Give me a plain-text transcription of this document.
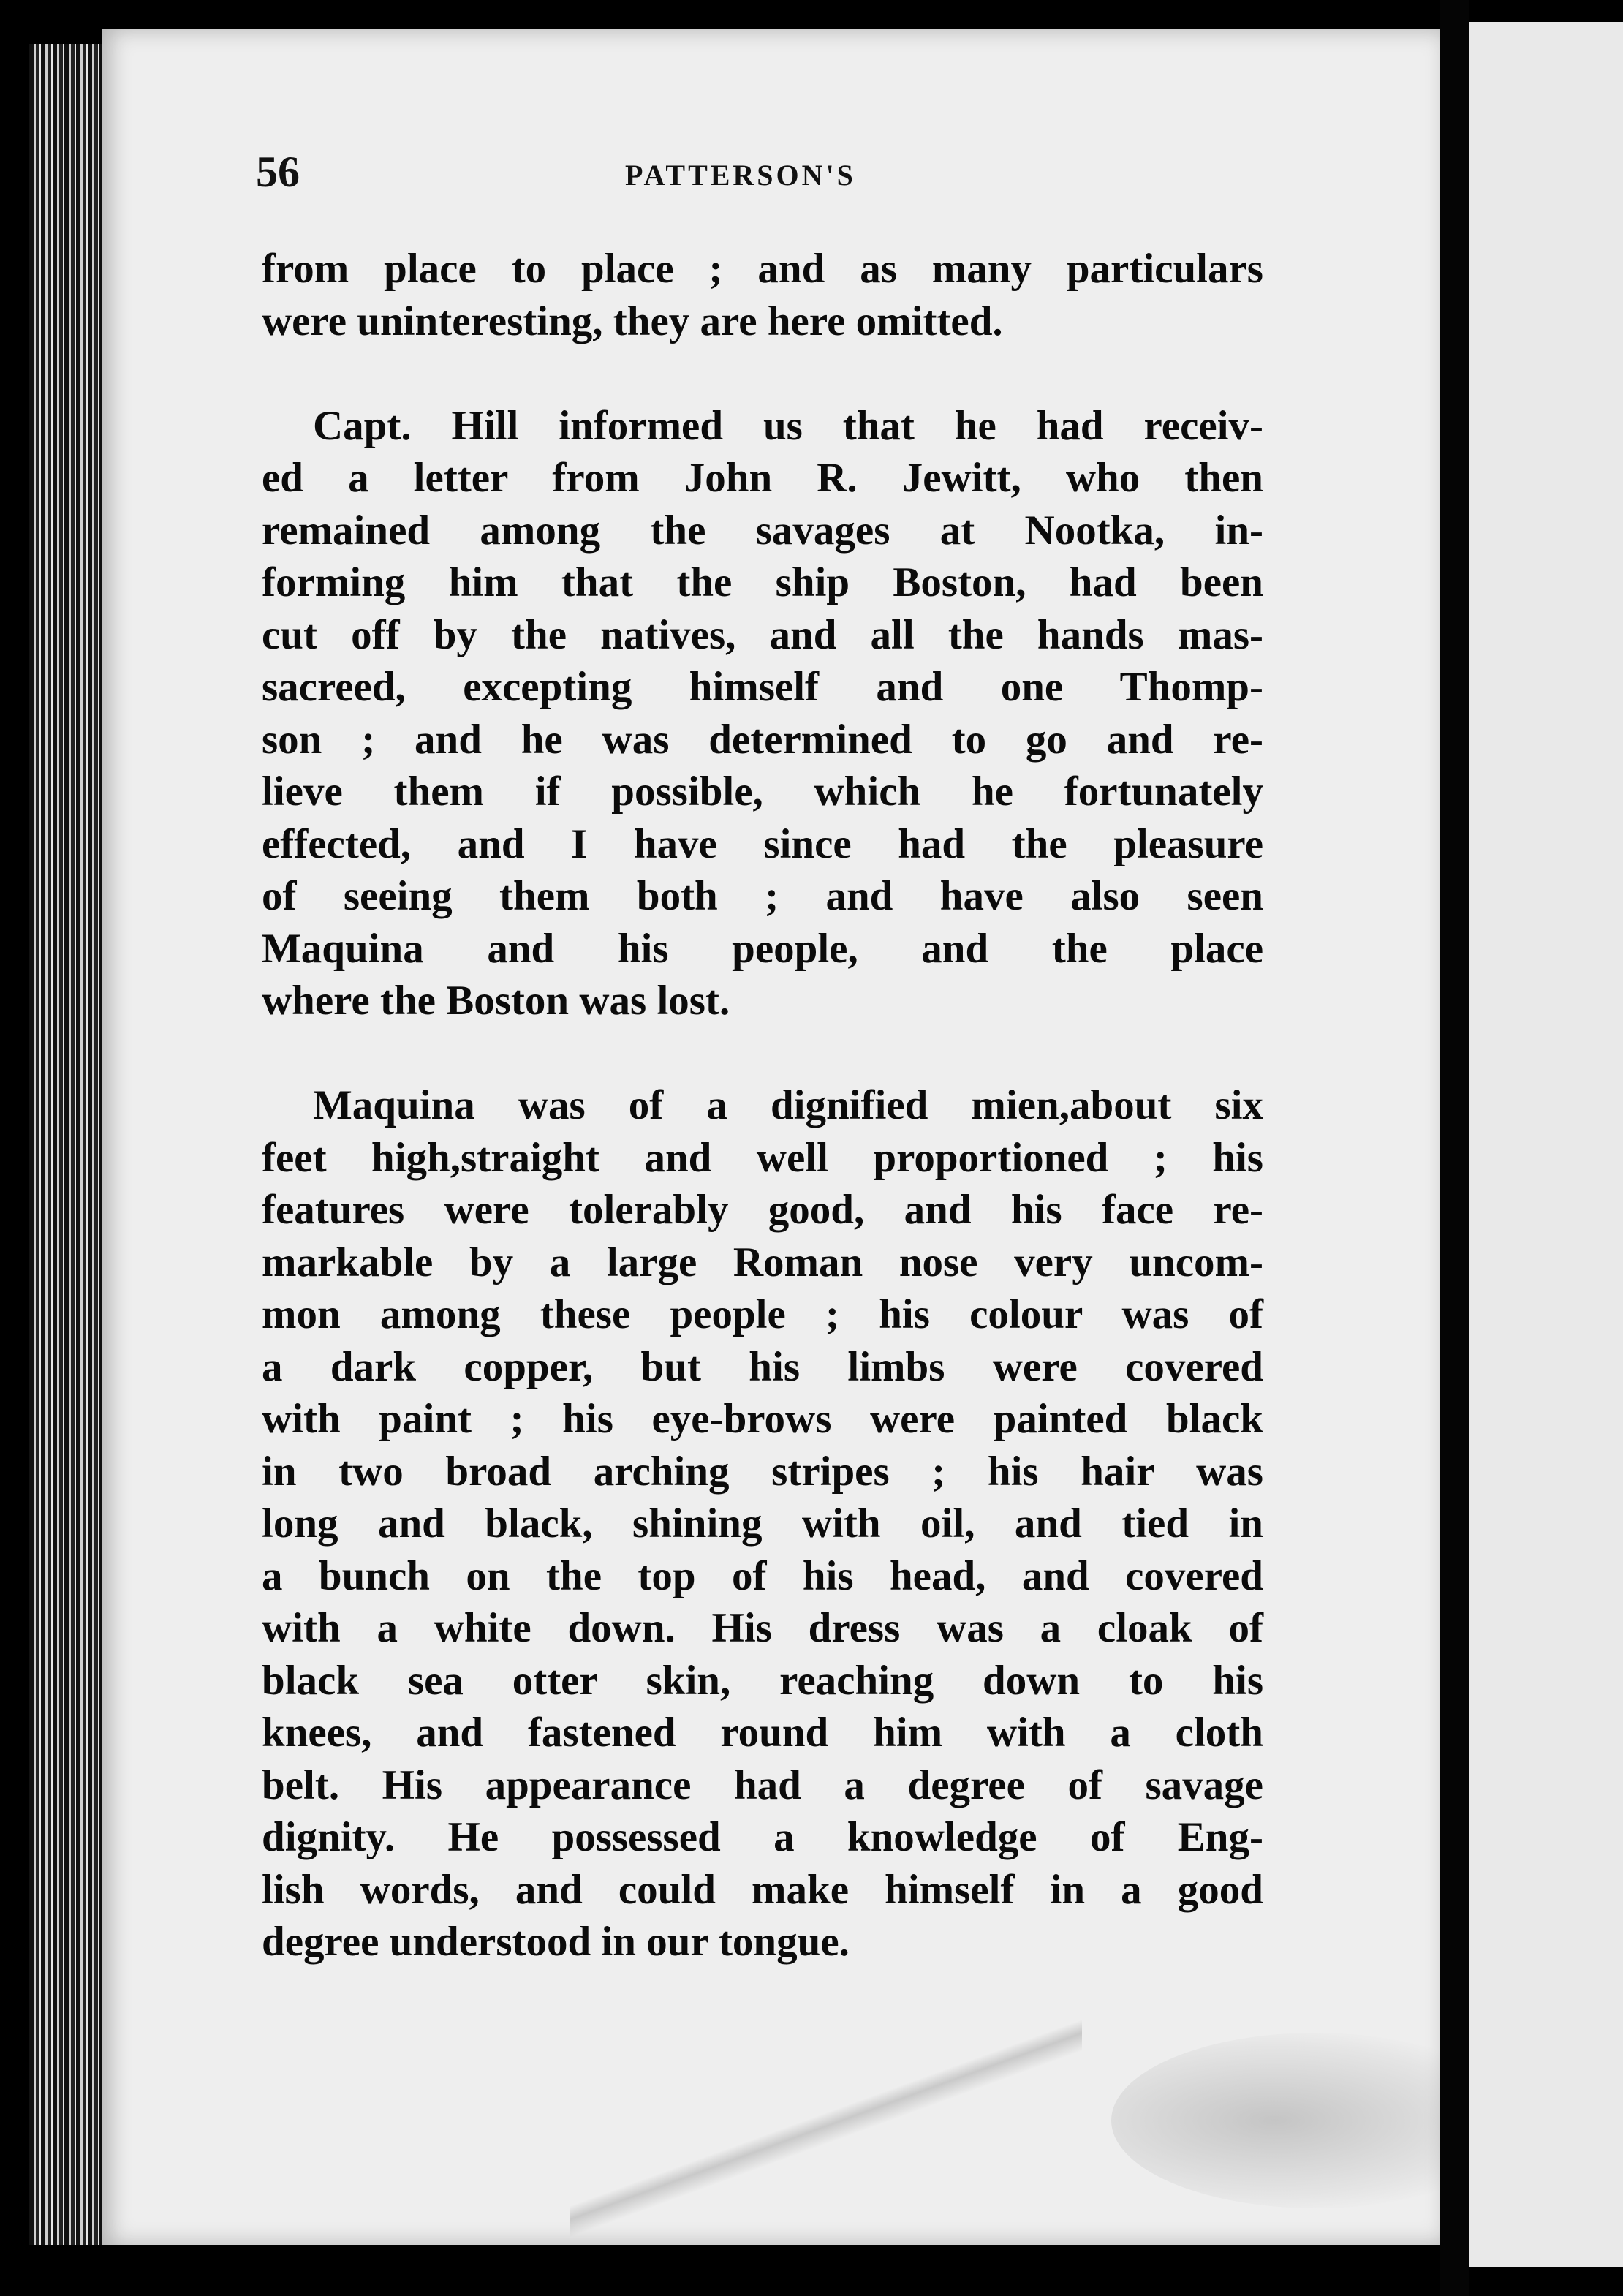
56	PATTERSON'S
from place to place ; and as many particulars
were uninteresting, they are here omitted.
Capt. Hill informed us that he had receiv-
ed a letter from John R. Jewitt, who then
remained among the savages at Nootka, in-
forming him that the ship Boston, had been
cut off by the natives, and all the hands mas-
sacreed, excepting himself and one Thomp-
son ; and he was determined to go and re-
lieve them if possible, which he fortunately
effected, and I have since had the pleasure
of seeing them both ; and have also seen
Maquina and his people, and the place
where the Boston was lost.
Maquina was of a dignified mien,about six
feet high,straight and well proportioned ; his
features were tolerably good, and his face re-
markable by a large Roman nose very uncom-
mon among these people ; his colour was of
a dark copper, but his limbs were covered
with paint ; his eye-brows were painted black
in two broad arching stripes ; his hair was
long and black, shining with oil, and tied in
a bunch on the top of his head, and covered
with a white down. His dress was a cloak of
black sea otter skin, reaching down to his
knees, and fastened round him with a cloth
belt. His appearance had a degree of savage
dignity. He possessed a knowledge of Eng-
lish words, and could make himself in a good
degree understood in our tongue.
